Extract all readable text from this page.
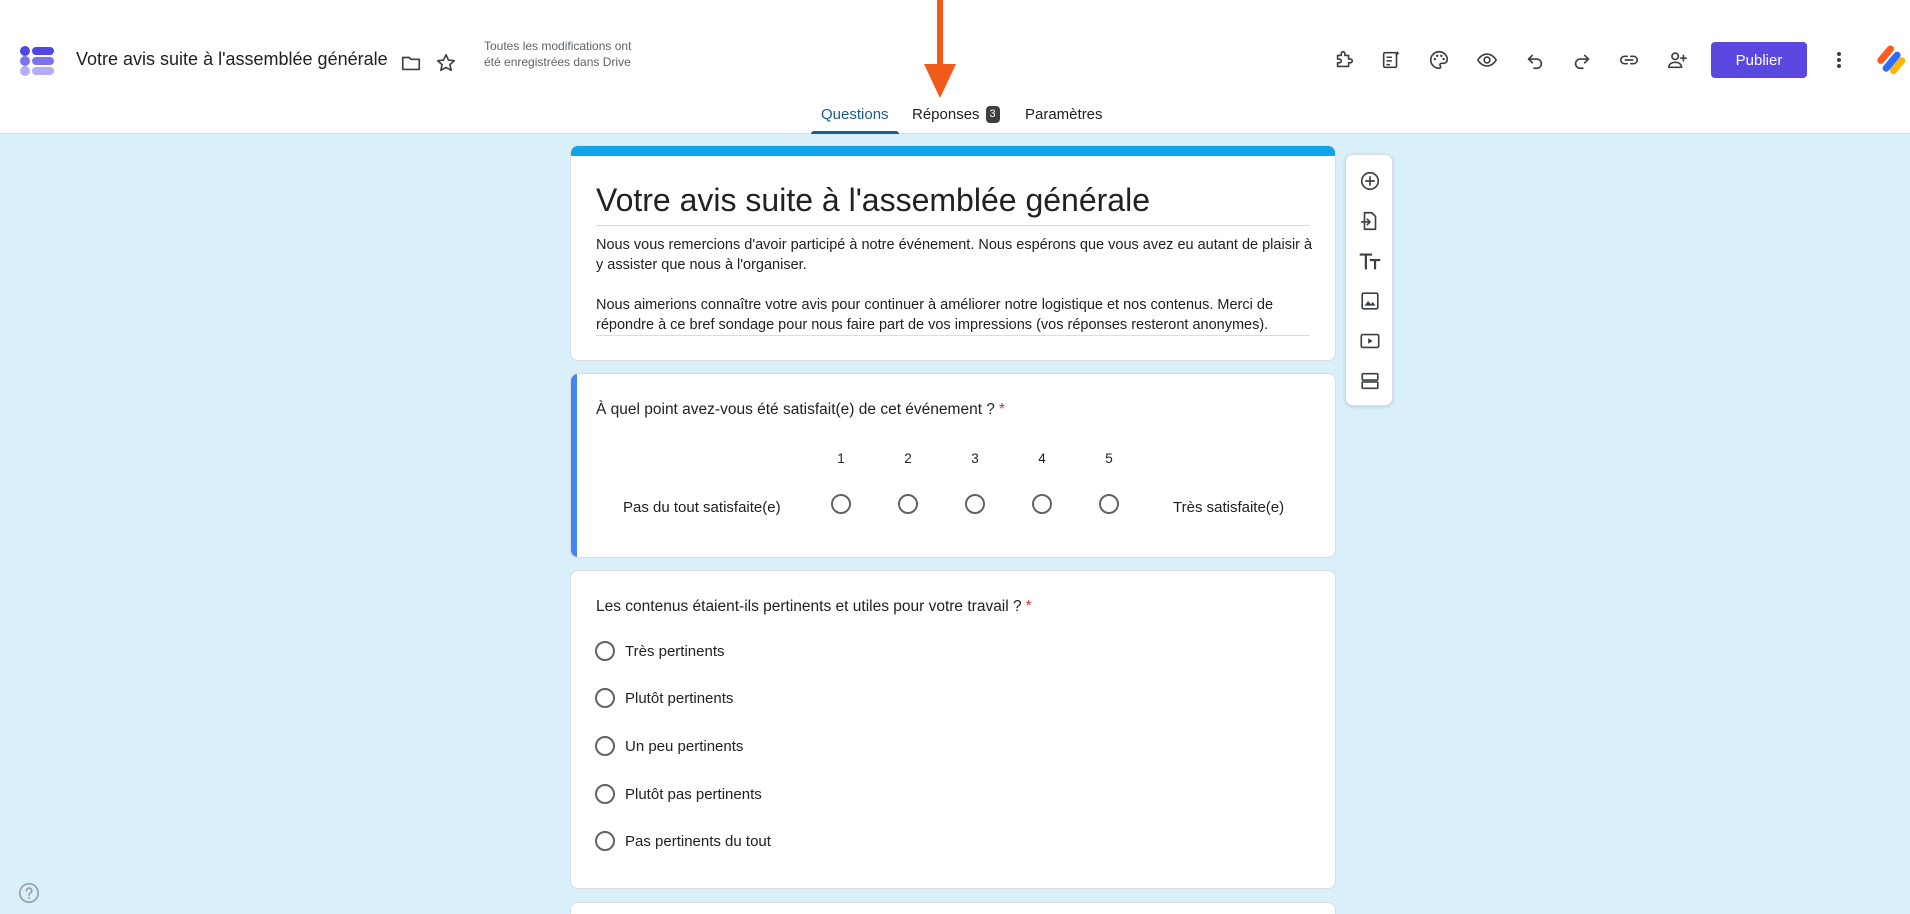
Votre avis suite à l'assemblée générale
Toutes les modifications ont été enregistrées dans Drive	Publier
Questions Réponses 3 Paramètres
Votre avis suite à l'assemblée générale

Nous vous remercions d'avoir participé à notre événement. Nous espérons que vous avez eu autant de plaisir à y assister que nous à l'organiser.

Nous aimerions connaître votre avis pour continuer à améliorer notre logistique et nos contenus. Merci de répondre à ce bref sondage pour nous faire part de vos impressions (vos réponses resteront anonymes).

À quel point avez-vous été satisfait(e) de cet événement ? *
1	2	3	4	5
Pas du tout satisfaite(e)	Très satisfaite(e)
Les contenus étaient-ils pertinents et utiles pour votre travail ? *
Très pertinents
Plutôt pertinents
Un peu pertinents
Plutôt pas pertinents
Pas pertinents du tout
